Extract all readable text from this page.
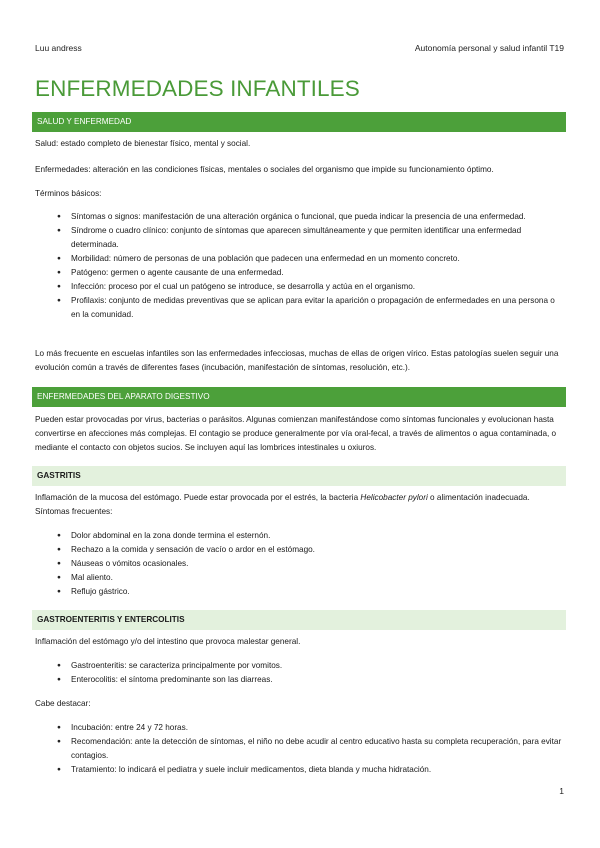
Luu andress	Autonomía personal y salud infantil T19
ENFERMEDADES INFANTILES
SALUD Y ENFERMEDAD
Salud: estado completo de bienestar físico, mental y social.
Enfermedades: alteración en las condiciones físicas, mentales o sociales del organismo que impide su funcionamiento óptimo.
Términos básicos:
● Síntomas o signos: manifestación de una alteración orgánica o funcional, que pueda indicar la presencia de una enfermedad.
● Síndrome o cuadro clínico: conjunto de síntomas que aparecen simultáneamente y que permiten identificar una enfermedad determinada.
● Morbilidad: número de personas de una población que padecen una enfermedad en un momento concreto.
● Patógeno: germen o agente causante de una enfermedad.
● Infección: proceso por el cual un patógeno se introduce, se desarrolla y actúa en el organismo.
● Profilaxis: conjunto de medidas preventivas que se aplican para evitar la aparición o propagación de enfermedades en una persona o en la comunidad.
Lo más frecuente en escuelas infantiles son las enfermedades infecciosas, muchas de ellas de origen vírico. Estas patologías suelen seguir una evolución común a través de diferentes fases (incubación, manifestación de síntomas, resolución, etc.).
ENFERMEDADES DEL APARATO DIGESTIVO
Pueden estar provocadas por virus, bacterias o parásitos. Algunas comienzan manifestándose como síntomas funcionales y evolucionan hasta convertirse en afecciones más complejas. El contagio se produce generalmente por vía oral-fecal, a través de alimentos o agua contaminada, o mediante el contacto con objetos sucios. Se incluyen aquí las lombrices intestinales u oxiuros.
GASTRITIS
Inflamación de la mucosa del estómago. Puede estar provocada por el estrés, la bacteria Helicobacter pylori o alimentación inadecuada. Síntomas frecuentes:
● Dolor abdominal en la zona donde termina el esternón.
● Rechazo a la comida y sensación de vacío o ardor en el estómago.
● Náuseas o vómitos ocasionales.
● Mal aliento.
● Reflujo gástrico.
GASTROENTERITIS Y ENTERCOLITIS
Inflamación del estómago y/o del intestino que provoca malestar general.
● Gastroenteritis: se caracteriza principalmente por vomitos.
● Enterocolitis: el síntoma predominante son las diarreas.
Cabe destacar:
● Incubación: entre 24 y 72 horas.
● Recomendación: ante la detección de síntomas, el niño no debe acudir al centro educativo hasta su completa recuperación, para evitar contagios.
● Tratamiento: lo indicará el pediatra y suele incluir medicamentos, dieta blanda y mucha hidratación.
1
